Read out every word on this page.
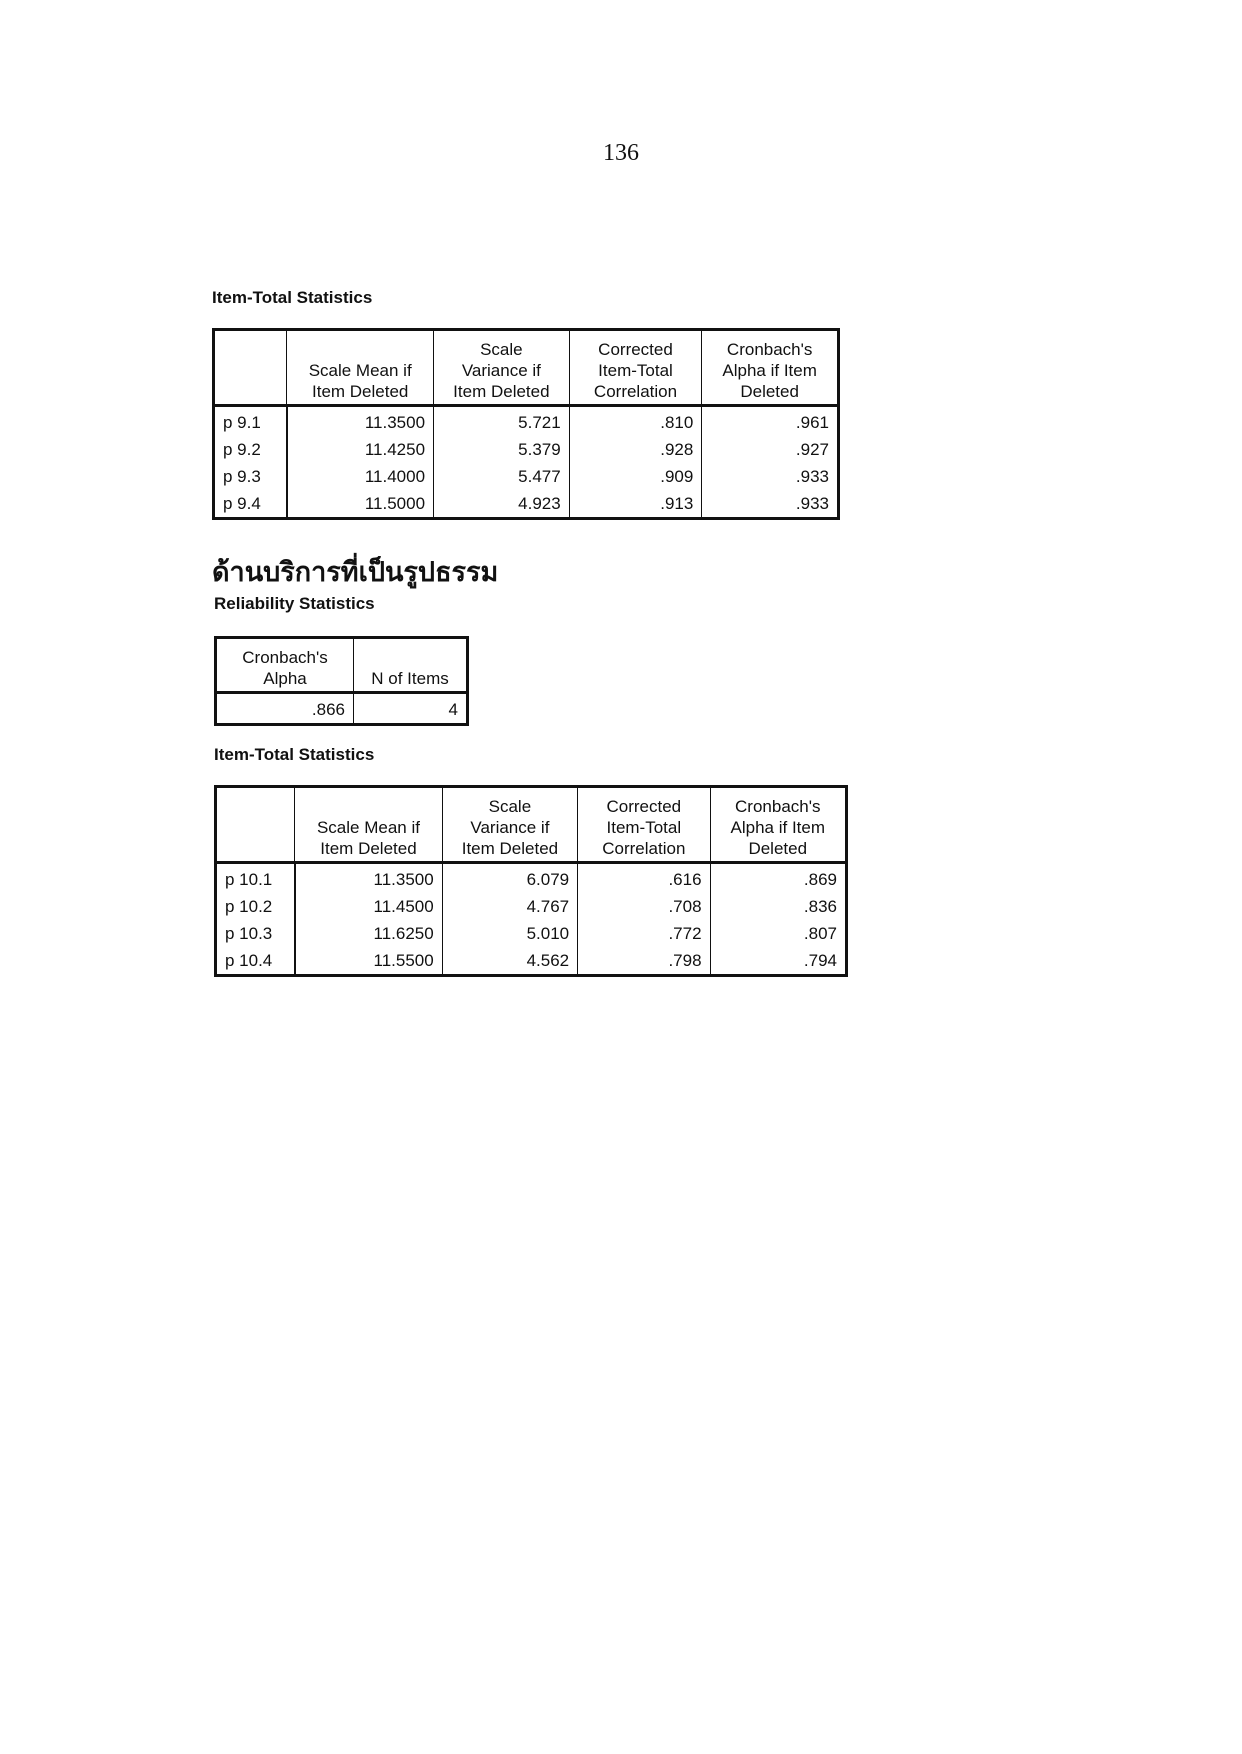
136
Item-Total Statistics
	Scale Mean if
Item Deleted	Scale
Variance if
Item Deleted	Corrected
Item-Total
Correlation	Cronbach's
Alpha if Item
Deleted
p 9.1	11.3500	5.721	.810	.961
p 9.2	11.4250	5.379	.928	.927
p 9.3	11.4000	5.477	.909	.933
p 9.4	11.5000	4.923	.913	.933
ด้านบริการที่เป็นรูปธรรม
Reliability Statistics
Cronbach's
Alpha	N of Items
.866	4
Item-Total Statistics
	Scale Mean if
Item Deleted	Scale
Variance if
Item Deleted	Corrected
Item-Total
Correlation	Cronbach's
Alpha if Item
Deleted
p 10.1	11.3500	6.079	.616	.869
p 10.2	11.4500	4.767	.708	.836
p 10.3	11.6250	5.010	.772	.807
p 10.4	11.5500	4.562	.798	.794
